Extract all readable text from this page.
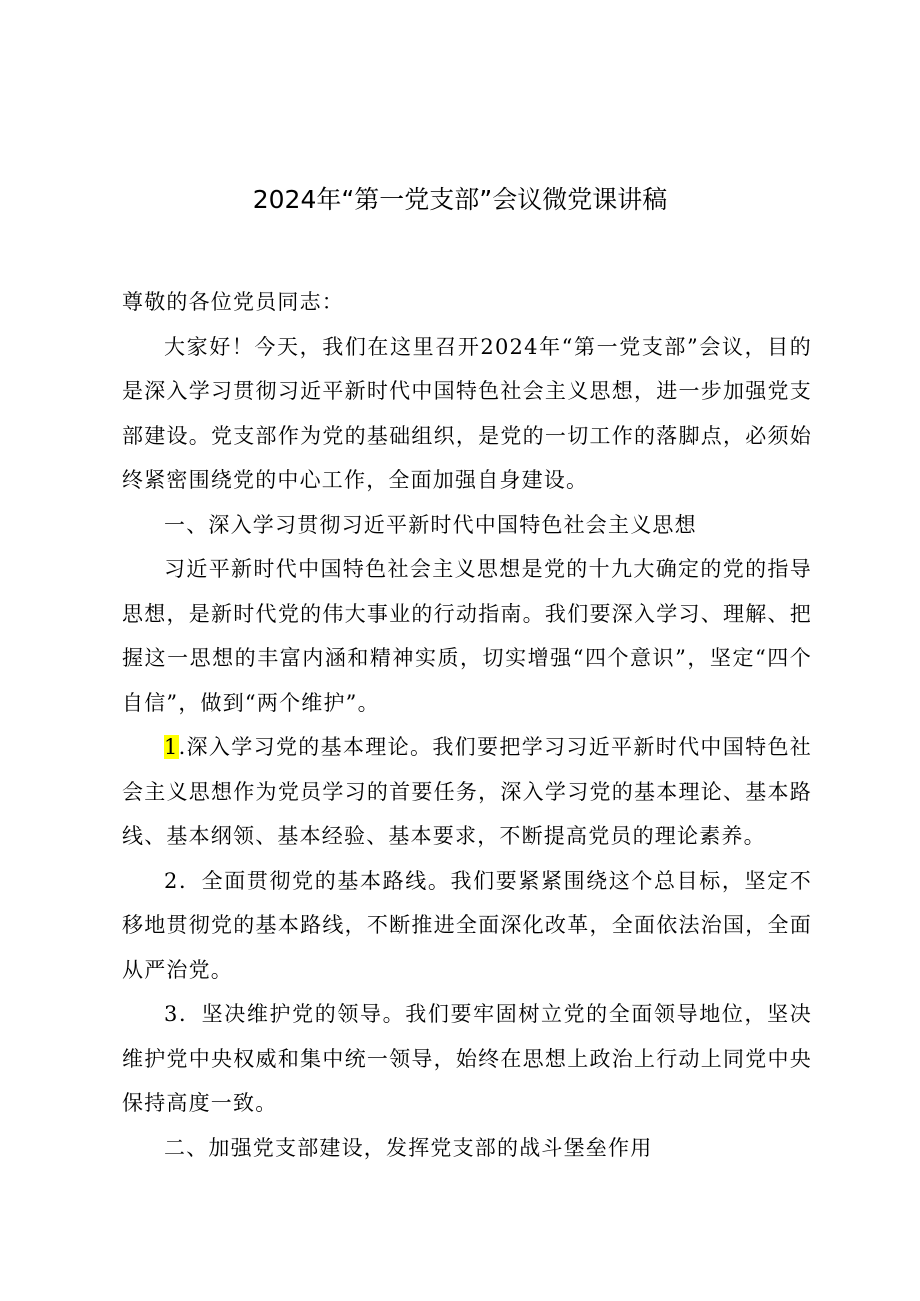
2024年“第一党支部”会议微党课讲稿

尊敬的各位党员同志：

大家好！今天，我们在这里召开2024年“第一党支部”会议，目的是深入学习贯彻习近平新时代中国特色社会主义思想，进一步加强党支部建设。党支部作为党的基础组织，是党的一切工作的落脚点，必须始终紧密围绕党的中心工作，全面加强自身建设。

一、深入学习贯彻习近平新时代中国特色社会主义思想

习近平新时代中国特色社会主义思想是党的十九大确定的党的指导思想，是新时代党的伟大事业的行动指南。我们要深入学习、理解、把握这一思想的丰富内涵和精神实质，切实增强“四个意识”，坚定“四个自信”，做到“两个维护”。

1.深入学习党的基本理论。我们要把学习习近平新时代中国特色社会主义思想作为党员学习的首要任务，深入学习党的基本理论、基本路线、基本纲领、基本经验、基本要求，不断提高党员的理论素养。

2．全面贯彻党的基本路线。我们要紧紧围绕这个总目标，坚定不移地贯彻党的基本路线，不断推进全面深化改革，全面依法治国，全面从严治党。

3．坚决维护党的领导。我们要牢固树立党的全面领导地位，坚决维护党中央权威和集中统一领导，始终在思想上政治上行动上同党中央保持高度一致。

二、加强党支部建设，发挥党支部的战斗堡垒作用
